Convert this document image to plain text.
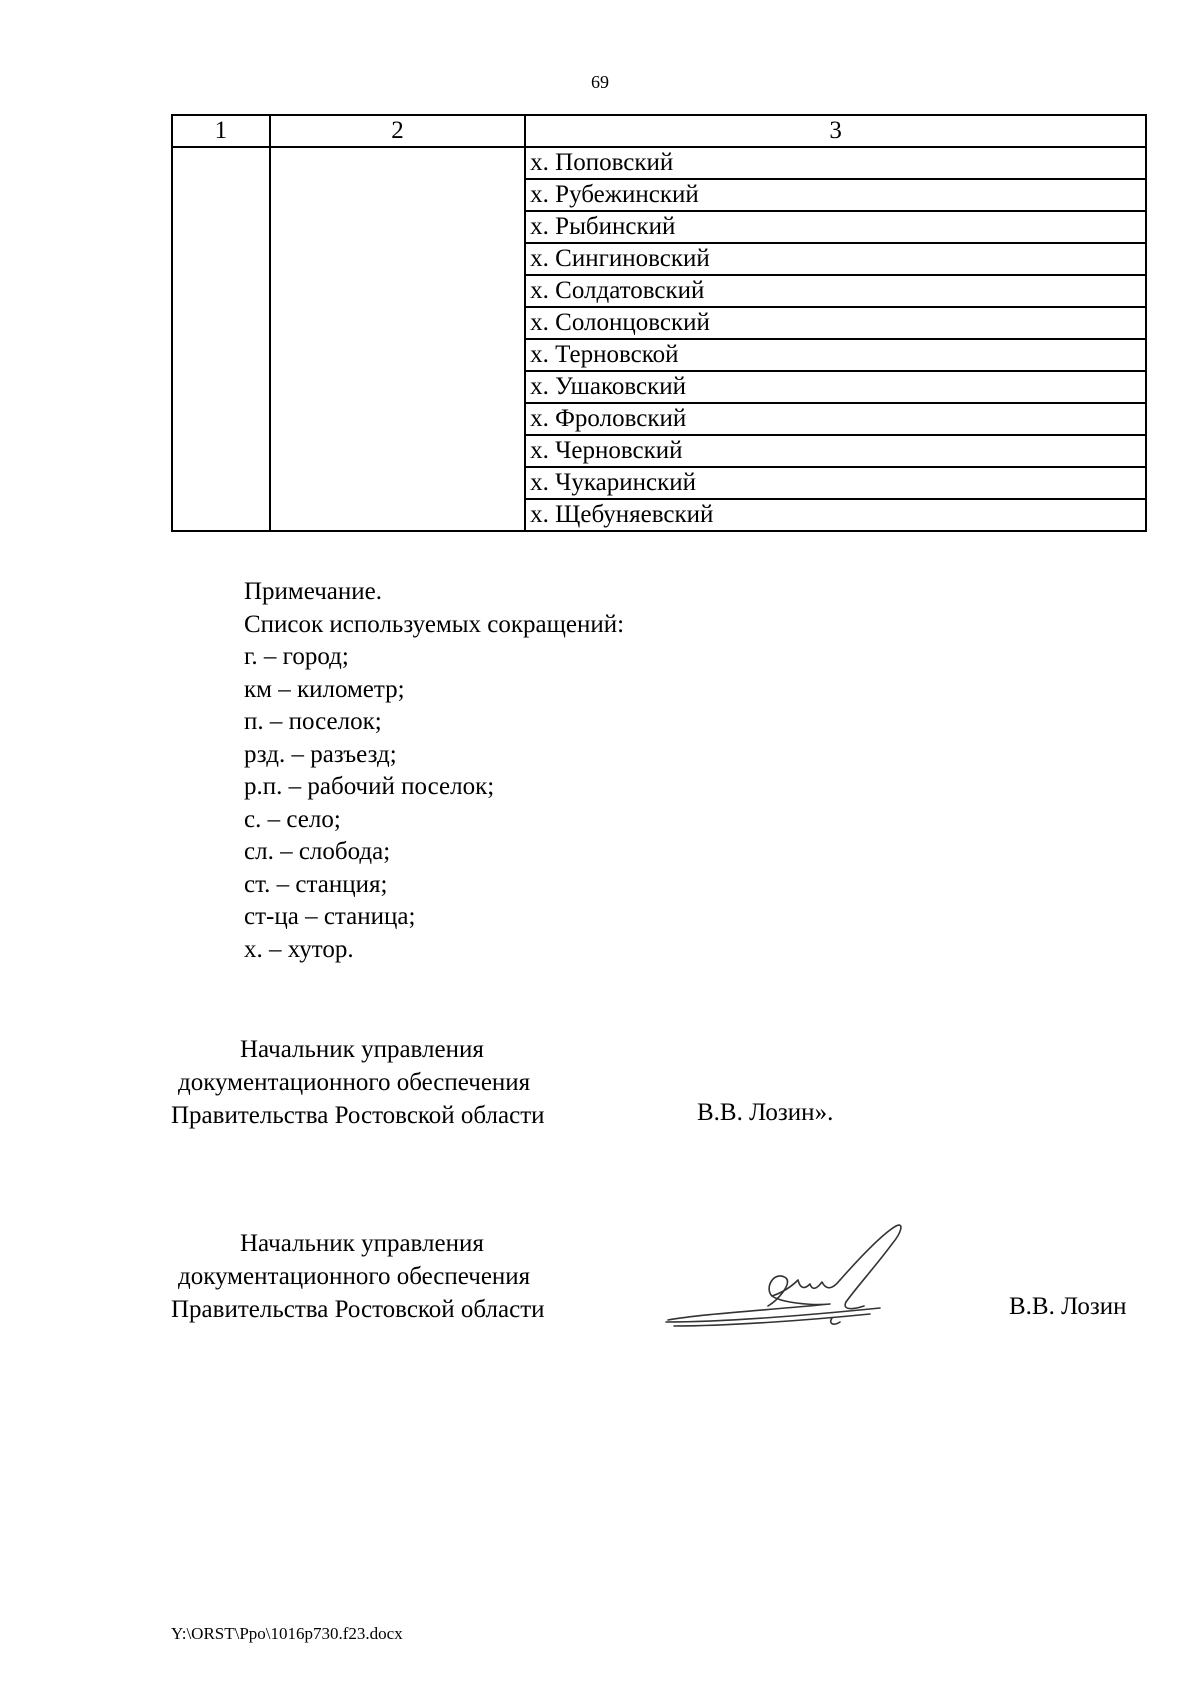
69
1	2	3
		х. Поповский
		х. Рубежинский
		х. Рыбинский
		х. Сингиновский
		х. Солдатовский
		х. Солонцовский
		х. Терновской
		х. Ушаковский
		х. Фроловский
		х. Черновский
		х. Чукаринский
		х. Щебуняевский
Примечание.
Список используемых сокращений:
г. – город;
км – километр;
п. – поселок;
рзд. – разъезд;
р.п. – рабочий поселок;
с. – село;
сл. – слобода;
ст. – станция;
ст-ца – станица;
х. – хутор.
Начальник управления
документационного обеспечения
Правительства Ростовской области	В.В. Лозин».
Начальник управления
документационного обеспечения
Правительства Ростовской области	В.В. Лозин
Y:\ORST\Ppo\1016p730.f23.docx
